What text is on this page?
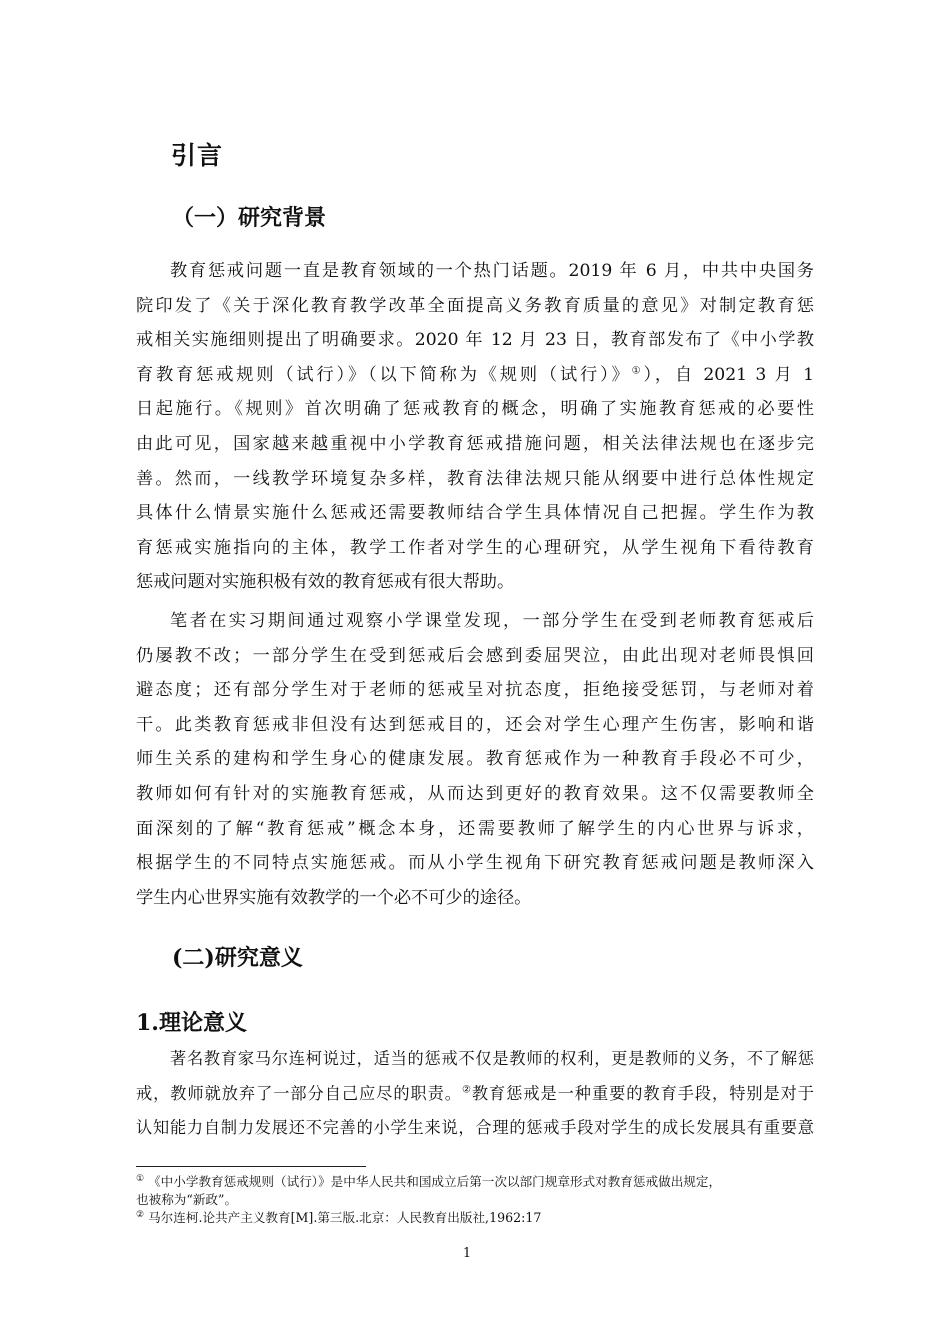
引言
（一）研究背景
教育惩戒问题一直是教育领域的一个热门话题。2019 年 6 月，中共中央国务
院印发了《关于深化教育教学改革全面提高义务教育质量的意见》对制定教育惩
戒相关实施细则提出了明确要求。2020 年 12 月 23 日，教育部发布了《中小学教
育教育惩戒规则（试行）》（以下简称为《规则（试行）》①），自 2021 3 月 1
日起施行。《规则》首次明确了惩戒教育的概念，明确了实施教育惩戒的必要性
由此可见，国家越来越重视中小学教育惩戒措施问题，相关法律法规也在逐步完
善。然而，一线教学环境复杂多样，教育法律法规只能从纲要中进行总体性规定
具体什么情景实施什么惩戒还需要教师结合学生具体情况自己把握。学生作为教
育惩戒实施指向的主体，教学工作者对学生的心理研究，从学生视角下看待教育
惩戒问题对实施积极有效的教育惩戒有很大帮助。
笔者在实习期间通过观察小学课堂发现，一部分学生在受到老师教育惩戒后
仍屡教不改；一部分学生在受到惩戒后会感到委屈哭泣，由此出现对老师畏惧回
避态度；还有部分学生对于老师的惩戒呈对抗态度，拒绝接受惩罚，与老师对着
干。此类教育惩戒非但没有达到惩戒目的，还会对学生心理产生伤害，影响和谐
师生关系的建构和学生身心的健康发展。教育惩戒作为一种教育手段必不可少，
教师如何有针对的实施教育惩戒，从而达到更好的教育效果。这不仅需要教师全
面深刻的了解“教育惩戒”概念本身，还需要教师了解学生的内心世界与诉求，
根据学生的不同特点实施惩戒。而从小学生视角下研究教育惩戒问题是教师深入
学生内心世界实施有效教学的一个必不可少的途径。
(二)研究意义
1.理论意义
著名教育家马尔连柯说过，适当的惩戒不仅是教师的权利，更是教师的义务，不了解惩
戒，教师就放弃了一部分自己应尽的职责。②教育惩戒是一种重要的教育手段，特别是对于
认知能力自制力发展还不完善的小学生来说，合理的惩戒手段对学生的成长发展具有重要意
① 《中小学教育惩戒规则（试行）》是中华人民共和国成立后第一次以部门规章形式对教育惩戒做出规定，
也被称为“新政”。
② 马尔连柯.论共产主义教育[M].第三版.北京：人民教育出版社,1962:17
1
